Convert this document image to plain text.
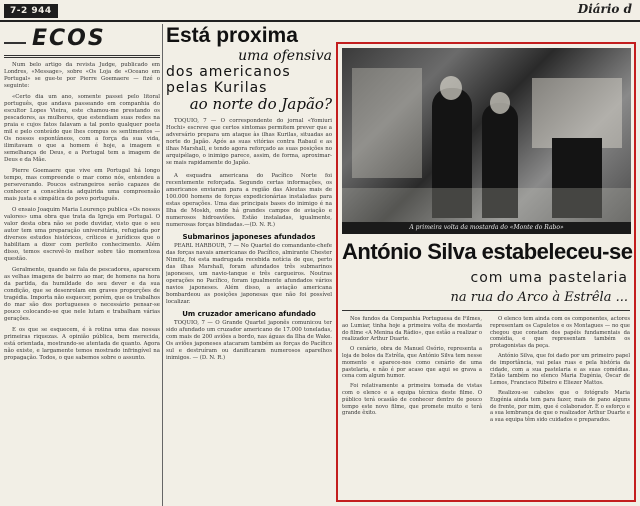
7-2 944	Diário d
ECOS

Num belo artigo da revista Judge, publicado em Londres, «Message», sobre «Os Loja de «Oceano em Portugal» se gue-te por Pierre Goemaere — fizé o seguinte:

«Certo dia um ano, somente passei pelo litoral português, que andava passeando em companhia do escultor Lopes Vieira, este chamou-me prestando os pescadores, as mulheres, que estendiam suas redes na praia e cujos fatos falavam a tal ponto qualquer poeta mil e pelo conteúdo que lhes compus os sentimentos — Os nossos espontâneos, com a força da sua vida, ilimitavam o que a homem é hoje, a imagem e semelhança de Deus, e a Portugal tem a imagem de Deus e da Mãe.

Pierre Goemaere que vive em Portugal há longo tempo, mas compreende o mar como nós, entendeu a perseverando. Poucos estrangeiros serão capazes de conhecer a consciência adquirida uma compreensão mais justa e simpática do povo português.

O ensaio Joaquim Maria Lourenço publica «Os nossos valores» uma obra que trata da Igreja em Portugal. O valor desta obra não se pode duvidar, visto que o seu autor tem uma preparação universitária, refugiada por diversos estudos históricos, críticos e jurídicos que o habilitam a dizer com perfeito conhecimento. Além disso, temos escrevê-lo melhor sobre tão momentosa questão.

Geralmente, quando se fala de pescadores, aparecem as velhas imagens de bairro ao mar, de homens na hora da partida, da humildade do seu dever e da sua condição, que se desenrolam em graves proporções de tragédia. Importa não esquecer, porém, que os trabalhos do mar são dos portugueses o necessário pensar-se pouco colocando-se que nele lutam e trabalham várias gerações.

E os que se esquecem, é à rotina uma das nossas primeiras riquezas. A opinião pública, bem merecida, está orientada, mostrando-se atentada de quanto. Agora não existe, e largamente temos mostrado infringível na propagação. Todos, o que sabemos sobre o assunto.

Está proxima
uma ofensiva
dos americanos
pelas Kurilas
ao norte do Japão?

TOQUIO, 7 — O correspondente do jornal «Yomiuri Hochi» escreve que certos sintomas permitem prever que a adversário prepara um ataque às ilhas Kurilas, situadas ao norte do Japão. Após as suas vitórias contra Rabaul e as ilhas Marshall, e tendo agora reforçado as suas posições no arquipélago, o inimigo parece, assim, de forma, aproximar-se mais rapidamente do Japão.

A esquadra americana do Pacífico Norte foi recentemente reforçada. Segundo certas informações, os americanos enviaram para a região das Aleutas mais de 100.000 homens de forças expedicionárias instaladas para estas operações. Uma das principais bases do inimigo é na Ilha de Moskh, onde há grandes campos de aviação e numerosos hidroaviões. Estão instaladas, igualmente, numerosas forças blindadas.—(D. N. R.)

Submarinos japoneses afundados

PEARL HARBOUR, 7 — No Quartel do comandante-chefe das forças navais americanas do Pacífico, almirante Chester Nimitz, foi esta madrugada recebida notícia de que, perto das ilhas Marshall, foram afundados três submarinos japoneses, um navio-tanque e três cargueiros. Noutras operações no Pacífico, foram igualmente afundados vários navios japoneses. Além disso, a aviação americana bombardeou as posições japonesas que não foi possível localizar.

Um cruzador americano afundado

TOQUIO, 7 — O Grande Quartel japonês comunicou ter sido afundado um cruzador americano de 17.000 toneladas, com mais de 200 aviões a bordo, nas águas da Ilha de Wake. Os aviões japoneses atacaram também as forças do Pacífico sul e destruíram ou danificaram numerosos aparelhos inimigos. — (D. N. R.)

A primeira volta da mostarda do «Monte do Rabo»
António Silva estabeleceu-se
com uma pastelaria
na rua do Arco à Estrêla ...

Nos fundos da Companhia Portuguesa de Filmes, ao Lumiar, tinha hoje a primeira volta de mostarda do filme «A Menina da Rádio», que estão a realizar o realizador Arthur Duarte.

O cenário, obra de Manuel Osório, representa a loja de bolos da Estrêla, que António Silva tem nesse momento e aparece-nos como cenário de uma pastelaria, e não é por acaso que aqui se grava a cena com algum humor.

Foi relativamente a primeira tomada de vistas com o elenco e a equipa técnica deste filme. O público terá ocasião de conhecer dentro de pouco tempo este novo filme, que promete muito e terá grande êxito.

O elenco tem ainda com os componentes, actores representam os Capuletos e os Montagues — no que chegou que constam dos papéis fundamentais da comédia, e que representam também os protagonistas da peça.

António Silva, que foi dado por um primeiro papel de importância, vai pelas ruas e pela história da cidade, com a sua pastelaria e as suas comédias. Estão também no elenco Maria Eugénia, Óscar de Lemos, Francisco Ribeiro e Eliezer Mattos.

Realizou-se cabelos que o fotógrafo Maria Eugénia ainda tem para fazer, mais de pano alguns de frente, por mim, que é colaborador. É o esforço e a sua lembrança de que o realizador Arthur Duarte e a sua equipa têm sido cuidados e preparados.
